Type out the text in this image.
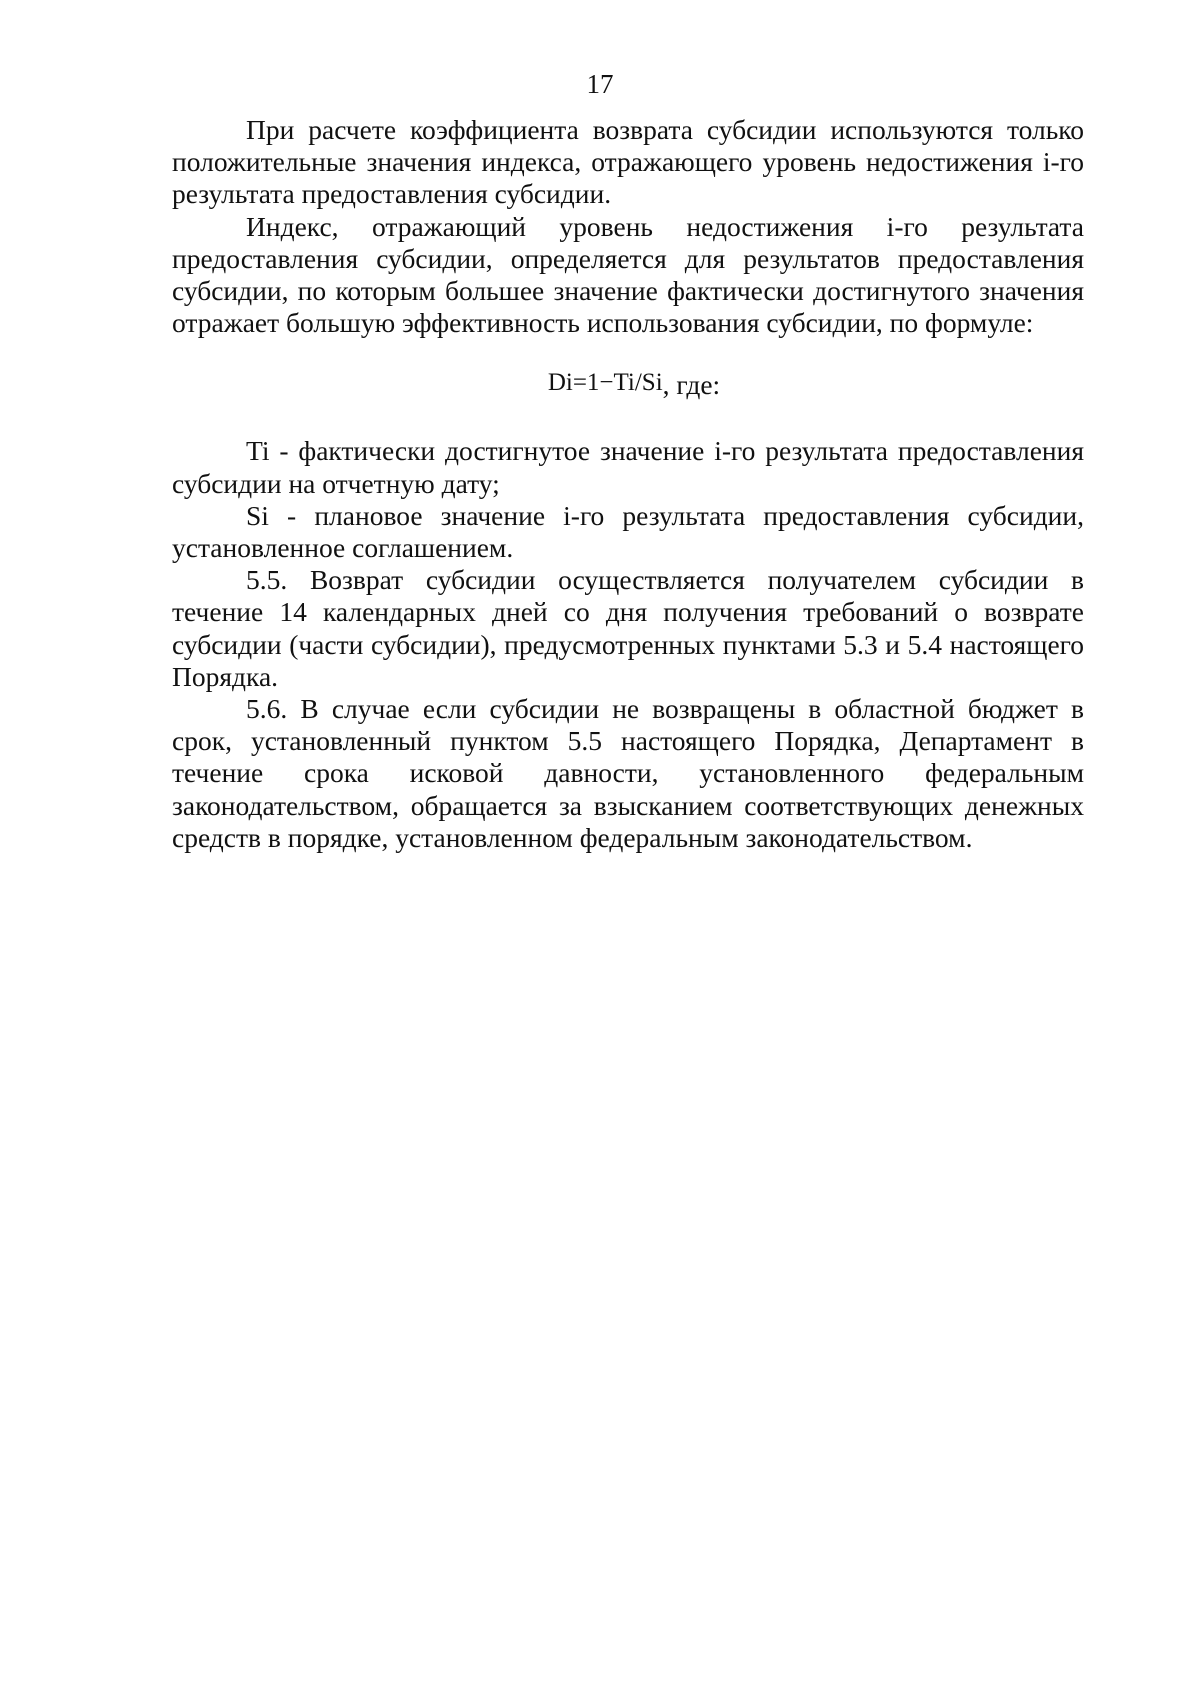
17

При расчете коэффициента возврата субсидии используются только положительные значения индекса, отражающего уровень недостижения i-го результата предоставления субсидии.

Индекс, отражающий уровень недостижения i-го результата предоставления субсидии, определяется для результатов предоставления субсидии, по которым большее значение фактически достигнутого значения отражает большую эффективность использования субсидии, по формуле:

Di=1−Ti/Si, где:

Ti - фактически достигнутое значение i-го результата предоставления субсидии на отчетную дату;

Si - плановое значение i-го результата предоставления субсидии, установленное соглашением.

5.5. Возврат субсидии осуществляется получателем субсидии в течение 14 календарных дней со дня получения требований о возврате субсидии (части субсидии), предусмотренных пунктами 5.3 и 5.4 настоящего Порядка.

5.6. В случае если субсидии не возвращены в областной бюджет в срок, установленный пунктом 5.5 настоящего Порядка, Департамент в течение срока исковой давности, установленного федеральным законодательством, обращается за взысканием соответствующих денежных средств в порядке, установленном федеральным законодательством.
